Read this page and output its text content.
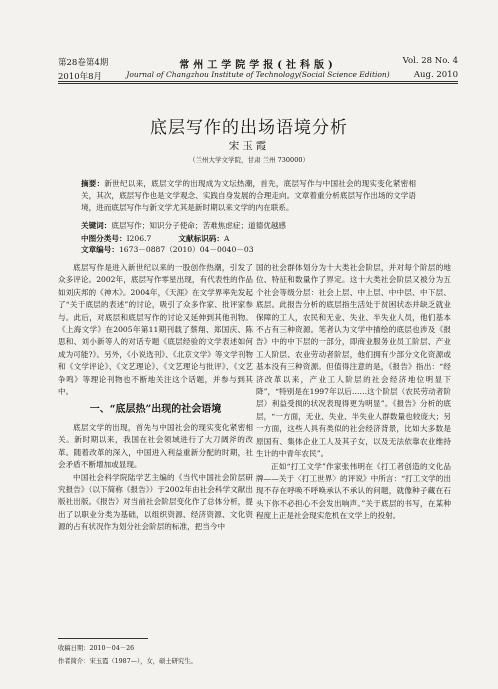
第28卷第4期	常州工学院学报(社科版)	Vol. 28 No. 4
2010年8月	Journal of Changzhou Institute of Technology(Social Science Edition)	Aug. 2010
底层写作的出场语境分析
宋玉霞
（兰州大学文学院，甘肃 兰州 730000）
摘要：新世纪以来，底层文学的出现成为文坛热潮，首先，底层写作与中国社会的现实变化紧密相关，其次，底层写作也是文学观念、实践自身发展的合理走向。文章着重分析底层写作出场的文学语境，进而底层写作与新文学尤其是新时期以来文学的内在联系。
关键词：底层写作；知识分子使命；苦难焦虑症；道德优越感
中图分类号：I206.7	文献标识码：A 文章编号：1673－0887（2010）04－0040－03

底层写作是进入新世纪以来的一股创作热潮，引发了众多评论。2002年，底层写作零星出现，有代表性的作品如刘庆邦的《神木》。2004年，《天涯》在文学界率先发起了“关于底层的表述”的讨论，吸引了众多作家、批评家参与。此后，对底层和底层写作的讨论又延伸到其他刊物。《上海文学》在2005年第11期刊载了蔡翔、郑国庆、陈思和、刘小新等人的对话专题《底层经验的文学表述如何成为可能?》。另外，《小说选刊》、《北京文学》等文学刊物和《文学评论》、《文艺理论》、《文艺理论与批评》、《文艺争鸣》等理论刊物也不断地关注这个话题，并参与到其中。

一、“底层热”出现的社会语境

底层文学的出现，首先与中国社会的现实变化紧密相关。新时期以来，我国在社会领域进行了大刀阔斧的改革。随着改革的深入，中国进入利益重新分配的时期，社会矛盾不断增加或显现。

中国社会科学院陆学艺主编的《当代中国社会阶层研究报告》（以下简称《报告》）于2002年由社会科学文献出版社出版。《报告》对当前社会阶层变化作了总体分析，提出了以职业分类为基础，以组织资源、经济资源、文化资源的占有状况作为划分社会阶层的标准，把当今中

国的社会群体划分为十大类社会阶层，并对每个阶层的地位、特征和数量作了界定。这十大类社会阶层又被分为五个社会等级分层：社会上层、中上层、中中层、中下层、底层。此报告分析的底层指生活处于贫困状态并缺乏就业保障的工人，农民和无业、失业、半失业人员，他们基本不占有三种资源。笔者认为文学中描绘的底层也涉及《报告》中的中下层的一部分，即商业服务业员工阶层、产业工人阶层、农业劳动者阶层，他们拥有少部分文化资源或基本没有三种资源。但值得注意的是，《报告》指出：“经济改革以来，产业工人阶层的社会经济地位明显下降”，“特别是在1997年以后……这个阶层（农民劳动者阶层）利益受损的状况表现得更为明显”。《报告》分析的底层，“一方面，无业、失业、半失业人群数量也较庞大；另一方面，这些人具有类似的社会经济背景，比如大多数是原国有、集体企业工人及其子女，以及无法依靠农业维持生计的中青年农民”。

正如“打工文学”作家张伟明在《打工者创造的文化品牌——关于〈打工世界〉的评说》中所言：“打工文学的出现不存在呼唤不呼唤承认不承认的问题，就像种子藏在石头下你不必担心不会发出响声。”关于底层的书写，在某种程度上正是社会现实危机在文学上的投射。

收稿日期：2010－04－26
作者简介：宋玉霞（1987—），女，硕士研究生。
